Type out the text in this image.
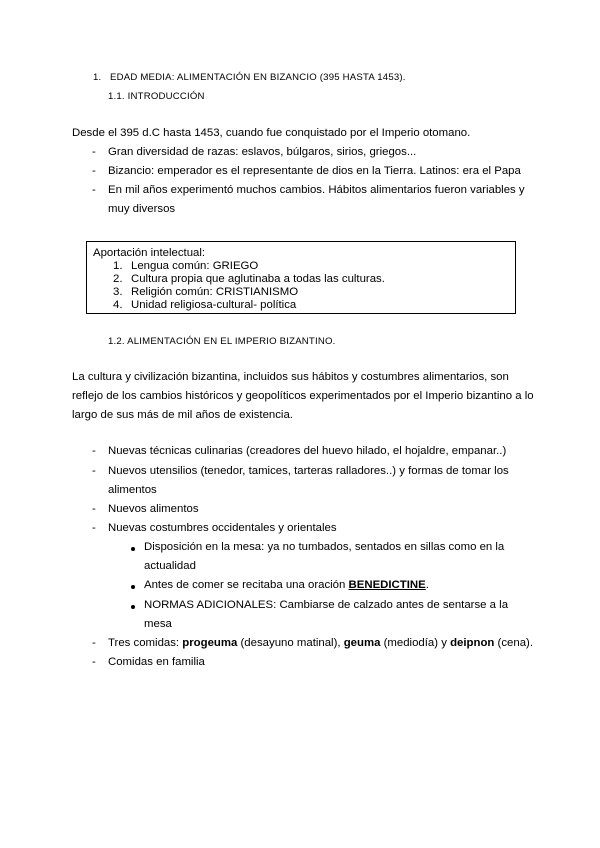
1. EDAD MEDIA: ALIMENTACIÓN EN BIZANCIO (395 HASTA 1453).
1.1. INTRODUCCIÓN
Desde el 395 d.C hasta 1453, cuando fue conquistado por el Imperio otomano.
- Gran diversidad de razas: eslavos, búlgaros, sirios, griegos...
- Bizancio: emperador es el representante de dios en la Tierra. Latinos: era el Papa
- En mil años experimentó muchos cambios. Hábitos alimentarios fueron variables y
muy diversos
Aportación intelectual:
1. Lengua común: GRIEGO
2. Cultura propia que aglutinaba a todas las culturas.
3. Religión común: CRISTIANISMO
4. Unidad religiosa-cultural- política
1.2. ALIMENTACIÓN EN EL IMPERIO BIZANTINO.
La cultura y civilización bizantina, incluidos sus hábitos y costumbres alimentarios, son
reflejo de los cambios históricos y geopolíticos experimentados por el Imperio bizantino a lo
largo de sus más de mil años de existencia.
- Nuevas técnicas culinarias (creadores del huevo hilado, el hojaldre, empanar..)
- Nuevos utensilios (tenedor, tamices, tarteras ralladores..) y formas de tomar los
alimentos
- Nuevos alimentos
- Nuevas costumbres occidentales y orientales
Disposición en la mesa: ya no tumbados, sentados en sillas como en la
actualidad
Antes de comer se recitaba una oración BENEDICTINE.
NORMAS ADICIONALES: Cambiarse de calzado antes de sentarse a la
mesa
- Tres comidas: progeuma (desayuno matinal), geuma (mediodía) y deipnon (cena).
- Comidas en familia
